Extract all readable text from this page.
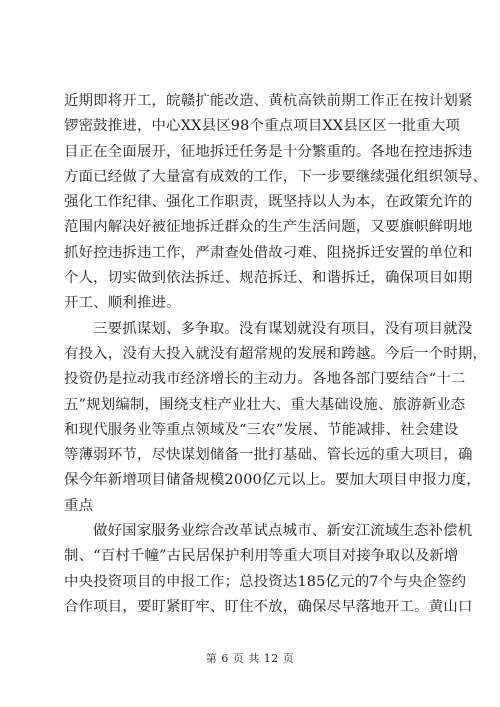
近期即将开工，皖赣扩能改造、黄杭高铁前期工作正在按计划紧
锣密鼓推进，中心XX县区98个重点项目XX县区区一批重大项
目正在全面展开，征地拆迁任务是十分繁重的。各地在控违拆违
方面已经做了大量富有成效的工作，下一步要继续强化组织领导、
强化工作纪律、强化工作职责，既坚持以人为本，在政策允许的
范围内解决好被征地拆迁群众的生产生活问题，又要旗帜鲜明地
抓好控违拆违工作，严肃查处借故刁难、阻挠拆迁安置的单位和
个人，切实做到依法拆迁、规范拆迁、和谐拆迁，确保项目如期
开工、顺利推进。
三要抓谋划、多争取。没有谋划就没有项目，没有项目就没
有投入，没有大投入就没有超常规的发展和跨越。今后一个时期，
投资仍是拉动我市经济增长的主动力。各地各部门要结合“十二
五”规划编制，围绕支柱产业壮大、重大基础设施、旅游新业态
和现代服务业等重点领域及“三农”发展、节能减排、社会建设
等薄弱环节，尽快谋划储备一批打基础、管长远的重大项目，确
保今年新增项目储备规模2000亿元以上。要加大项目申报力度，
重点
做好国家服务业综合改革试点城市、新安江流域生态补偿机
制、“百村千幢”古民居保护利用等重大项目对接争取以及新增
中央投资项目的申报工作；总投资达185亿元的7个与央企签约
合作项目，要盯紧盯牢、盯住不放，确保尽早落地开工。黄山口
第 6 页 共 12 页
